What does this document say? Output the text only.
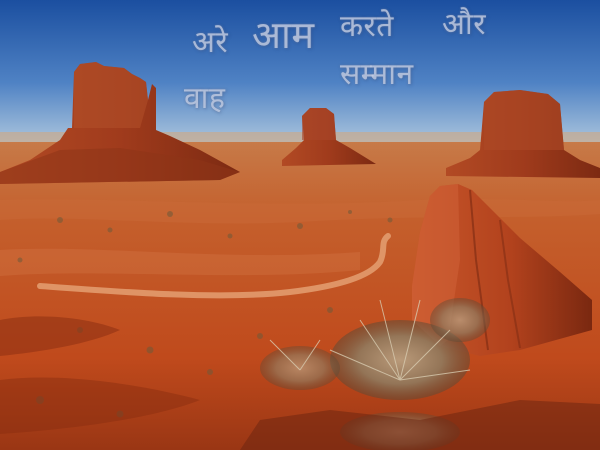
अरे आम करते और
वाह
सम्मान
